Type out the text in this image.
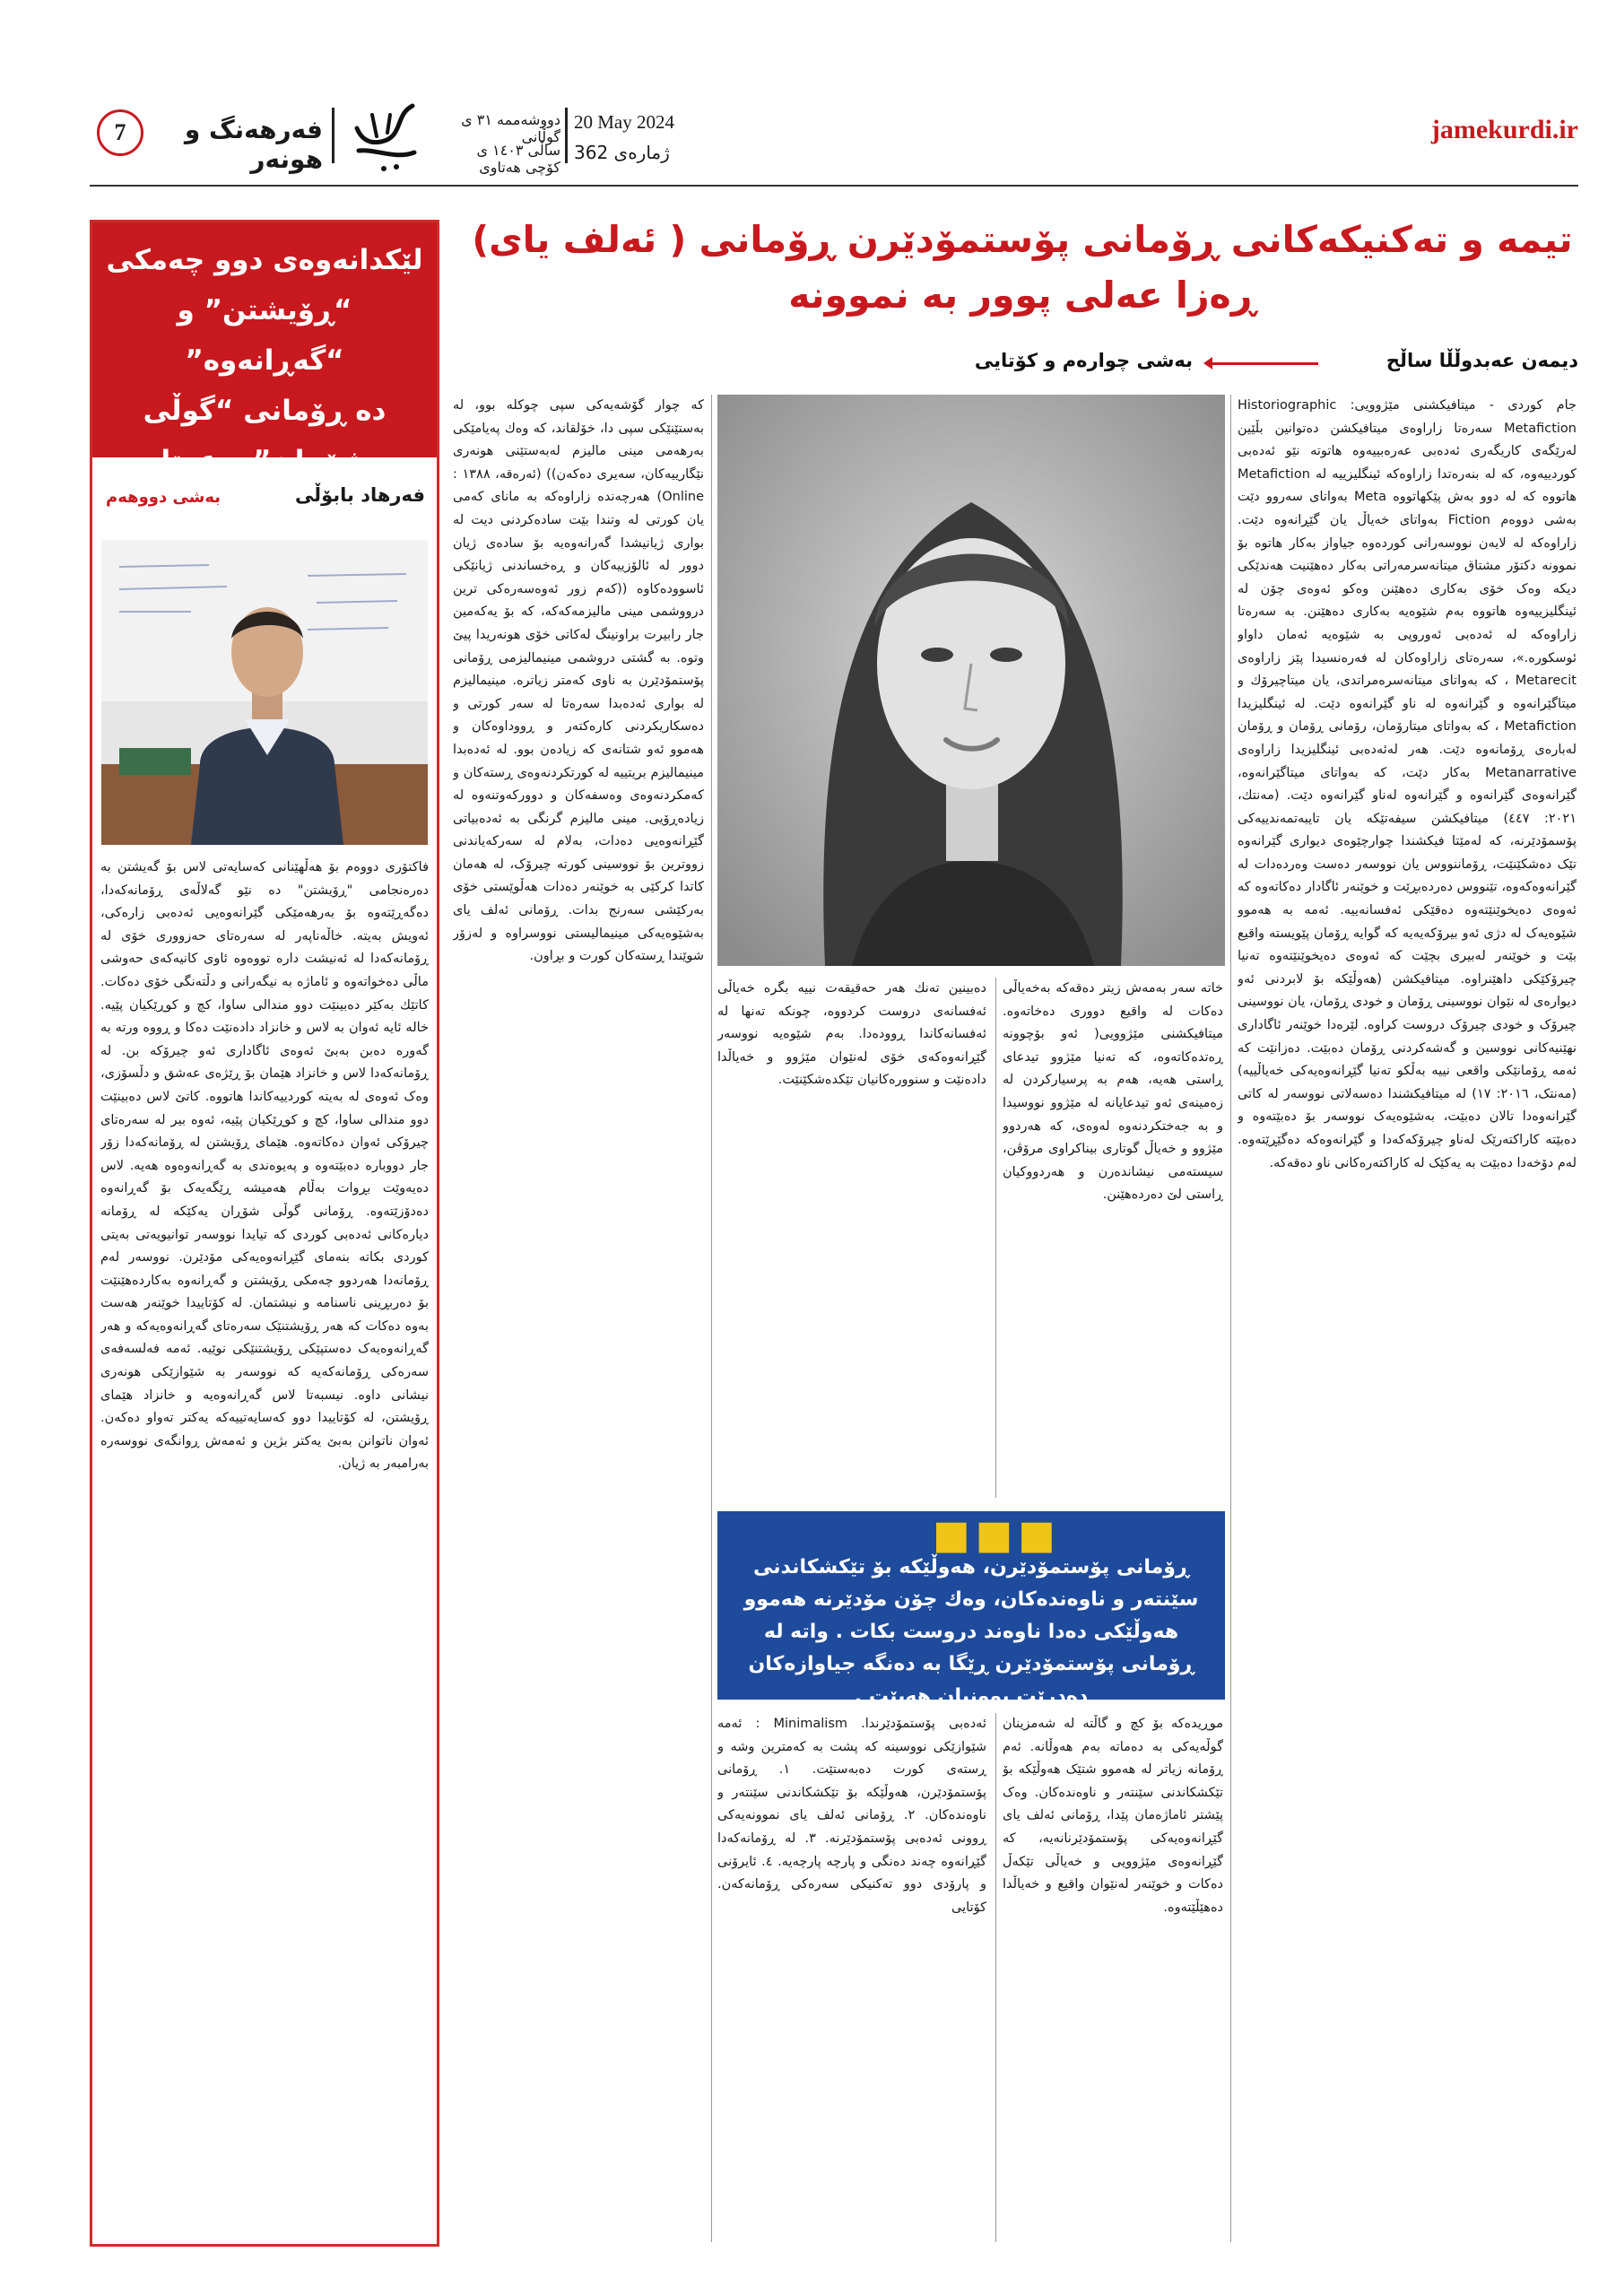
jamekurdi.ir
20 May 2024
ژمارەی 362
دووشەممە ٣١ ی گوڵانی
ساڵی ١٤٠٣ ی كۆچی هەتاوی
فەرهەنگ و هونەر
7
تیمە و تەكنیكەكانی ڕۆمانی پۆستمۆدێرن ڕۆمانی ( ئەلف یای)
ڕەزا عەلی پوور بە نموونە
دیمەن عەبدوڵڵا ساڵح
بەشی چوارەم و کۆتایی
لێكدانەوەی دوو چەمكی
“ڕۆیشتن” و “گەڕانەوە”
دە ڕۆمانی “گوڵی
شۆڕان”ی عەتا نەهاییدا
فەرهاد بابۆڵی
بەشی دووهەم
فاكتۆری دووەم بۆ هەڵهێنانی كەسایەتی لاس بۆ گەیشتن بە دەرەنجامی "ڕۆیشتن" دە نێو گەلاڵەی ڕۆمانەكەدا، دەگەڕێتەوە بۆ بەرهەمێكی گێرانەوەیی ئەدەبی زارەكی، ئەویش بەیتە. خاڵەناپەر لە سەرەتای حەزووری خۆی لە ڕۆمانەكەدا لە ئەنیشت دارە تووەوە ئاوی كانیەكەی حەوشی ماڵی دەخواتەوە و ئاماژە بە نیگەرانی و دڵتەنگی خۆی دەكات. كاتێك بەكێر دەبینێت دوو مندالی ساوا، كچ و كوڕێكیان پێیە. خالە ئایە ئەوان بە لاس و خانزاد دادەنێت دەكا و ڕووە ورتە بە گەورە دەبن بەبێ ئەوەی ئاگاداری ئەو چیرۆکە بن. لە ڕۆمانەکەدا لاس و خانزاد هێمان بۆ ڕێژەی عەشق و دڵسۆزی، وەک ئەوەی لە بەیتە کوردییەکاندا هاتووە. کاتێ لاس دەبینێت دوو مندالی ساوا، کچ و کوڕێکیان پێیە، ئەوە بیر لە سەرەتای چیرۆکی ئەوان دەکاتەوە. هێمای ڕۆیشتن لە ڕۆمانەکەدا زۆر جار دووبارە دەبێتەوە و پەیوەندی بە گەڕانەوەوە هەیە. لاس دەیەوێت بڕوات بەڵام هەمیشە ڕێگەیەک بۆ گەڕانەوە دەدۆزێتەوە. ڕۆمانی گوڵی شۆڕان یەکێکە لە ڕۆمانە دیارەکانی ئەدەبی کوردی کە تیایدا نووسەر توانیویەتی بەیتی کوردی بکاتە بنەمای گێڕانەوەیەکی مۆدێرن. نووسەر لەم ڕۆمانەدا هەردوو چەمکی ڕۆیشتن و گەڕانەوە بەکاردەهێنێت بۆ دەربڕینی ناسنامە و نیشتمان. لە کۆتاییدا خوێنەر هەست بەوە دەکات کە هەر ڕۆیشتنێک سەرەتای گەڕانەوەیەکە و هەر گەڕانەوەیەک دەستپێکی ڕۆیشتنێکی نوێیە. ئەمە فەلسەفەی سەرەکی ڕۆمانەکەیە کە نووسەر بە شێوازێکی هونەری نیشانی داوە. نیسبەتا لاس گەڕانەوەیە و خانزاد هێمای ڕۆیشتن، لە کۆتاییدا دوو کەسایەتییەکە یەکتر تەواو دەکەن. ئەوان ناتوانن بەبێ یەکتر بژین و ئەمەش ڕوانگەی نووسەرە بەرامبەر بە ژیان.
جام کوردی - میتافیکشنی مێژوویی: Historiographic Metafiction سەرەتا زاراوەی میتافیکشن دەتوانین بڵێین لەرێگەی کاریگەری ئەدەبی عەرەبییەوە هاتوتە نێو ئەدەبی کوردییەوە، کە لە بنەرەتدا زاراوەکە ئینگلیزییە لە Metafiction هاتووە کە لە دوو بەش پێکهاتووە Meta بەواتای سەروو دێت بەشی دووەم Fiction بەواتای خەیاڵ یان گێڕانەوە دێت. زاراوەکە لە لایەن نووسەرانی کوردەوە جیاواز بەکار هاتوە بۆ نموونە دکتۆر مشتاق میتانەسرمەراتی بەکار دەهێنیت هەندێکی دیکە وەک خۆی بەکاری دەهێنن وەکو ئەوەی چۆن لە ئینگلیزییەوە هاتووە بەم شێوەیە بەکاری دەهێنن. بە سەرەتا زاراوەکە لە ئەدەبی ئەوروپی بە شێوەیە ئەمان داواو ئوسکورە.»، سەرەتای زاراوەکان لە فەرەنسیدا پێز زاراوەی Metarecit ، كە بەواتای میتانەسرەمراتدی، یان میتاچیرۆك و میتاگێرانەوە و گێرانەوە لە ناو گێرانەوە دێت. لە ئینگلیزیدا Metafiction ، كە بەواتای میتارۆمان، رۆمانی ڕۆمان و ڕۆمان لەبارەی ڕۆمانەوە دێت. هەر لەئەدەبی ئینگلیزیدا زاراوەی Metanarrative بەكار دێت، كە بەواتای میتاگێرانەوە، گێرانەوەی گێرانەوە و گێرانەوە لەناو گێرانەوە دێت. (مەنتك، ٢٠٢١: ٤٤٧) میتافیکشن سیفەتێکە یان تایبەتمەندییەکی پۆسمۆدێرنە، کە لەمێتا فیکشندا چوارچێوەی دیواری گێرانەوە تێک دەشکێنێت، ڕۆماننووس یان نووسەر دەست وەردەدات لە گێرانەوەکەوە، تێنووس دەردەبڕێت و خوێنەر ئاگادار دەکاتەوە کە ئەوەی دەیخوێنێتەوە دەقێکی ئەفسانەییە. ئەمە بە هەموو شێوەیەک لە دژی ئەو بیرۆکەیەیە کە گوایە ڕۆمان پێویستە واقیع بێت و خوێنەر لەبیری بچێت کە ئەوەی دەیخوێنێتەوە تەنیا چیرۆکێکی داهێنراوە. میتافیکشن (هەوڵێکە بۆ لابردنی ئەو دیوارەی لە نێوان نووسینی ڕۆمان و خودی ڕۆمان، یان نووسینی چیرۆک و خودی چیرۆک دروست کراوە. لێرەدا خوێنەر ئاگاداری نهێنیەکانی نووسین و گەشەکردنی ڕۆمان دەبێت. دەزانێت کە ئەمە ڕۆمانێکی واقعی نییە بەڵکو تەنیا گێڕانەوەیەکی خەیاڵییە) (مەنتک، ٢٠١٦: ١٧) لە میتافیکشندا دەسەلاتی نووسەر لە کاتی گێرانەوەدا تالان دەبێت، بەشێوەیەک نووسەر بۆ دەبێتەوە و دەبێتە کاراکتەرێک لەناو چیرۆکەکەدا و گێرانەوەکە دەگێڕێتەوە. لەم دۆخەدا دەبێت بە یەکێک لە کاراکتەرەکانی ناو دەقەکە.
خاتە سەر بەمەش زیتر دەقەکە بەخەیاڵی دەکات لە واقیع دووری دەخاتەوە. میتافیکشنی مێژوویی( ئەو بۆچوونە ڕەتدەکاتەوە، کە تەنیا مێژوو تیدعای ڕاستی هەیە، هەم بە پرسیارکردن لە زەمینەی ئەو تیدعایانە لە مێژوو نووسیدا و بە جەختکردنەوە لەوەی، کە هەردوو مێژوو و خەیاڵ گوتاری بیناکراوی مرۆڤن، سیستەمی نیشاندەرن و هەردووکیان ڕاستی لێ دەردەهێنن.
دەبینین تەنك هەر حەقیقەت نییە بگرە خەیاڵی ئەفسانەی دروست كردووە، چونكە تەنها لە ئەفسانەكاندا ڕوودەدا. بەم شێوەیە نووسەر گێڕانەوەکەی خۆی لەنێوان مێژوو و خەیاڵدا دادەنێت و سنوورەکانیان تێکدەشکێنێت.
■■■
ڕۆمانی پۆستمۆدێرن، هەوڵێكە بۆ تێكشكاندنی سێنتەر و ناوەندەكان، وەك چۆن مۆدێرنە هەموو هەوڵێكی دەدا ناوەند دروست بكات . واتە لە ڕۆمانی پۆستمۆدێرن ڕێگا بە دەنگە جیاوازەكان دەدرێت بوونیان هەبێت .
موڕیدەکە بۆ کچ و گاڵتە لە شەمزینان گوڵەیەکی بە دەماتە بەم هەوڵانە. ئەم ڕۆمانە زیاتر لە هەموو شتێک هەوڵێکە بۆ تێکشکاندنی سێنتەر و ناوەندەکان. وەک پێشتر ئاماژەمان پێدا، ڕۆمانی ئەلف یای گێڕانەوەیەکی پۆستمۆدێرنانەیە، کە گێڕانەوەی مێژوویی و خەیاڵی تێکەڵ دەکات و خوێنەر لەنێوان واقیع و خەیاڵدا دەهێڵێتەوە.
ئەدەبی پۆستمۆدێرندا. Minimalism : ئەمە شێوازێکی نووسینە کە پشت بە کەمترین وشە و ڕستەی کورت دەبەستێت. ١. ڕۆمانی پۆستمۆدێرن، هەوڵێکە بۆ تێکشکاندنی سێنتەر و ناوەندەکان. ٢. ڕۆمانی ئەلف یای نموونەیەکی ڕوونی ئەدەبی پۆستمۆدێرنە. ٣. لە ڕۆمانەکەدا گێڕانەوە چەند دەنگی و پارچە پارچەیە. ٤. ئایرۆنی و پارۆدی دوو تەکنیکی سەرەکی ڕۆمانەکەن. کۆتایی
كە چوار گۆشەیەكی سپی چوكلە بوو، لە بەستێنێكی سپی دا، خۆلقاند، كە وەك پەیامێكی بەرهەمی مینی مالیزم لەبەستێنی هونەری نێگارییەكان، سەیری دەكەن)) (ئەرەقە، ١٣٨٨ : Online) هەرچەندە زاراوەكە بە مانای كەمی یان كورتی لە وتندا بێت سادەكردنی دیت لە بواری ژیانیشدا گەرانەوەیە بۆ سادەی ژیان دوور لە ئالۆزییەكان و ڕەخساندنی ژیانێكی ئاسوودەكاوە ((كەم زور ئەوەسەرەكی ترین درووشمی مینی مالیزمەكەكە، كە بۆ یەكەمین جار رابیرت براونینگ لەكاتی خۆی هونەریدا پیێ وتوە. بە گشتی دروشمی مینیمالیزمی ڕۆمانی پۆستمۆدێرن بە ناوی کەمتر زیاترە. مینیمالیزم لە بواری ئەدەبدا سەرەتا لە سەر کورتی و دەسکاریکردنی کارەکتەر و ڕووداوەکان و هەموو ئەو شتانەی کە زیادەن بوو. لە ئەدەبدا مینیمالیزم بریتییە لە کورتکردنەوەی ڕستەکان و کەمکردنەوەی وەسفەکان و دوورکەوتنەوە لە زیادەڕۆیی. مینی مالیزم گرنگی بە ئەدەبیاتی گێڕانەوەیی دەدات، بەلام لە سەرکەیاندنی زووترین بۆ نووسینی کورتە چیرۆک، لە هەمان کاتدا کرکێی بە خوێنەر دەدات هەڵوێستی خۆی بەرکێشی سەرنج بدات. ڕۆمانی ئەلف یای بەشێوەیەکی مینیمالیستی نووسراوە و لەزۆر شوێندا ڕستەکان کورت و بڕاون.
